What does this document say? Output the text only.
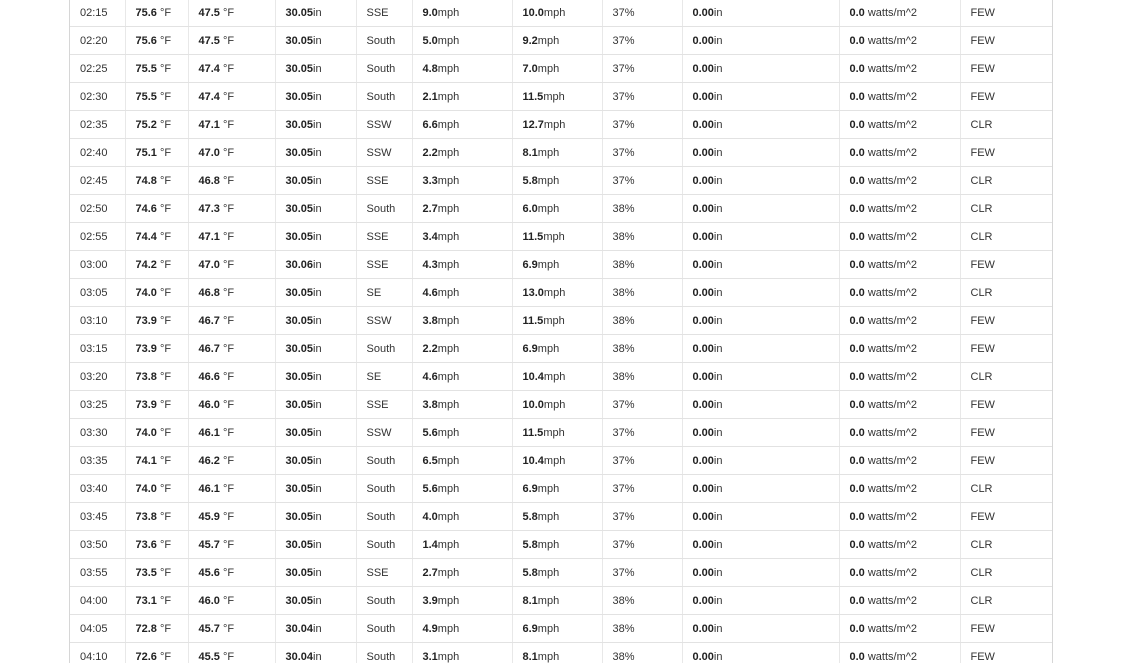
02:15	75.6 °F	47.5 °F	30.05in	SSE	9.0mph	10.0mph	37%	0.00in	0.0 watts/m^2	FEW
02:20	75.6 °F	47.5 °F	30.05in	South	5.0mph	9.2mph	37%	0.00in	0.0 watts/m^2	FEW
02:25	75.5 °F	47.4 °F	30.05in	South	4.8mph	7.0mph	37%	0.00in	0.0 watts/m^2	FEW
02:30	75.5 °F	47.4 °F	30.05in	South	2.1mph	11.5mph	37%	0.00in	0.0 watts/m^2	FEW
02:35	75.2 °F	47.1 °F	30.05in	SSW	6.6mph	12.7mph	37%	0.00in	0.0 watts/m^2	CLR
02:40	75.1 °F	47.0 °F	30.05in	SSW	2.2mph	8.1mph	37%	0.00in	0.0 watts/m^2	FEW
02:45	74.8 °F	46.8 °F	30.05in	SSE	3.3mph	5.8mph	37%	0.00in	0.0 watts/m^2	CLR
02:50	74.6 °F	47.3 °F	30.05in	South	2.7mph	6.0mph	38%	0.00in	0.0 watts/m^2	CLR
02:55	74.4 °F	47.1 °F	30.05in	SSE	3.4mph	11.5mph	38%	0.00in	0.0 watts/m^2	CLR
03:00	74.2 °F	47.0 °F	30.06in	SSE	4.3mph	6.9mph	38%	0.00in	0.0 watts/m^2	FEW
03:05	74.0 °F	46.8 °F	30.05in	SE	4.6mph	13.0mph	38%	0.00in	0.0 watts/m^2	CLR
03:10	73.9 °F	46.7 °F	30.05in	SSW	3.8mph	11.5mph	38%	0.00in	0.0 watts/m^2	FEW
03:15	73.9 °F	46.7 °F	30.05in	South	2.2mph	6.9mph	38%	0.00in	0.0 watts/m^2	FEW
03:20	73.8 °F	46.6 °F	30.05in	SE	4.6mph	10.4mph	38%	0.00in	0.0 watts/m^2	CLR
03:25	73.9 °F	46.0 °F	30.05in	SSE	3.8mph	10.0mph	37%	0.00in	0.0 watts/m^2	FEW
03:30	74.0 °F	46.1 °F	30.05in	SSW	5.6mph	11.5mph	37%	0.00in	0.0 watts/m^2	FEW
03:35	74.1 °F	46.2 °F	30.05in	South	6.5mph	10.4mph	37%	0.00in	0.0 watts/m^2	FEW
03:40	74.0 °F	46.1 °F	30.05in	South	5.6mph	6.9mph	37%	0.00in	0.0 watts/m^2	CLR
03:45	73.8 °F	45.9 °F	30.05in	South	4.0mph	5.8mph	37%	0.00in	0.0 watts/m^2	FEW
03:50	73.6 °F	45.7 °F	30.05in	South	1.4mph	5.8mph	37%	0.00in	0.0 watts/m^2	CLR
03:55	73.5 °F	45.6 °F	30.05in	SSE	2.7mph	5.8mph	37%	0.00in	0.0 watts/m^2	CLR
04:00	73.1 °F	46.0 °F	30.05in	South	3.9mph	8.1mph	38%	0.00in	0.0 watts/m^2	CLR
04:05	72.8 °F	45.7 °F	30.04in	South	4.9mph	6.9mph	38%	0.00in	0.0 watts/m^2	FEW
04:10	72.6 °F	45.5 °F	30.04in	South	3.1mph	8.1mph	38%	0.00in	0.0 watts/m^2	FEW
